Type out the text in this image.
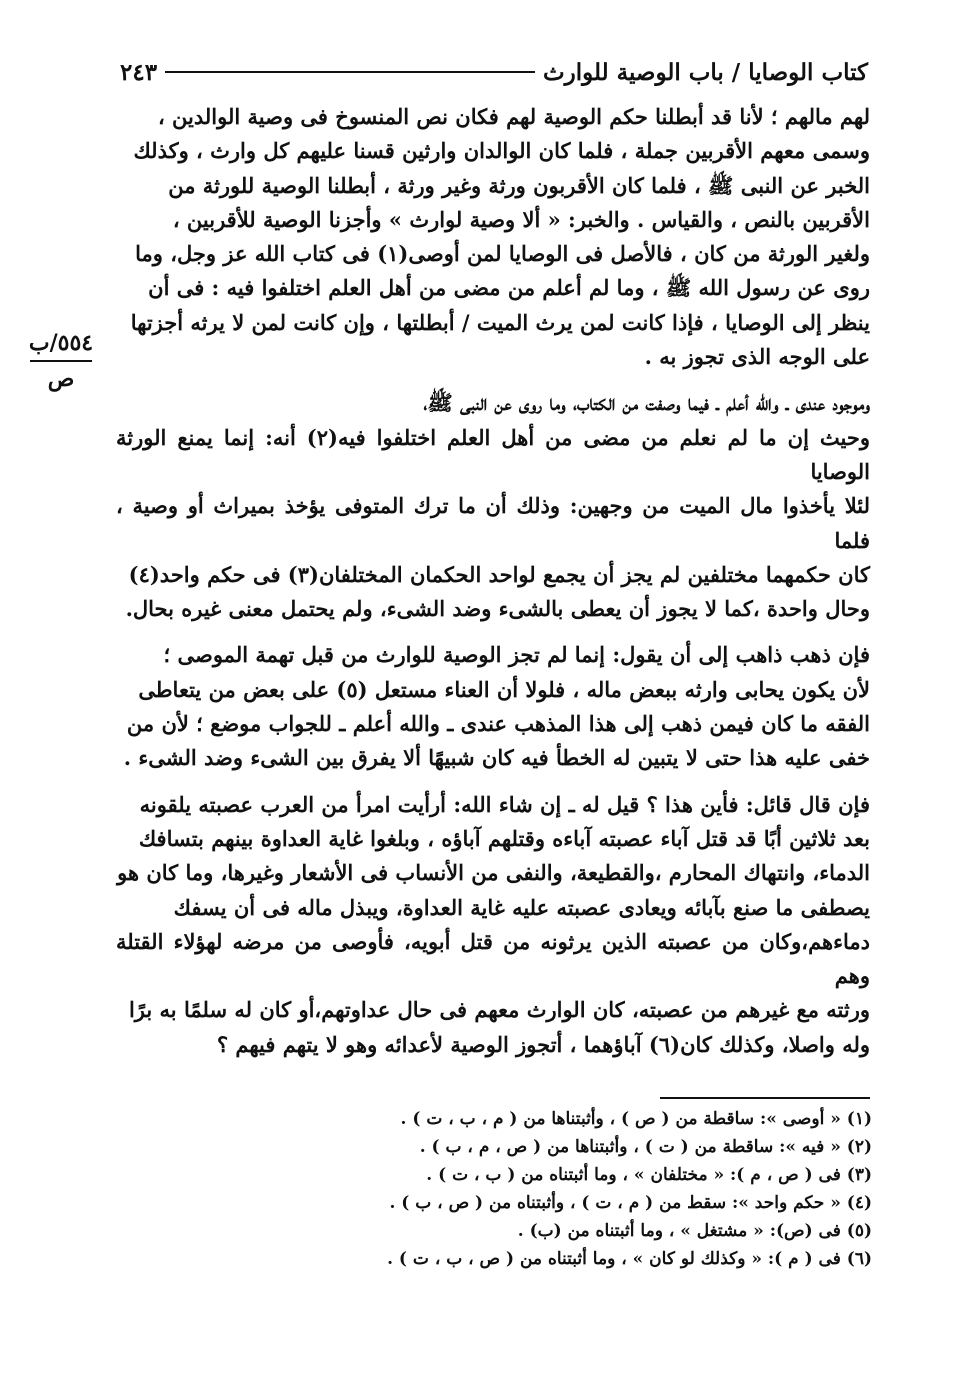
كتاب الوصايا / باب الوصية للوارث
٢٤٣
٥٥٤/ب
ص

لهم مالهم ؛ لأنا قد أبطلنا حكم الوصية لهم فكان نص المنسوخ فى وصية الوالدين ،

وسمى معهم الأقربين جملة ، فلما كان الوالدان وارثين قسنا عليهم كل وارث ، وكذلك

الخبر عن النبى ﷺ ، فلما كان الأقربون ورثة وغير ورثة ، أبطلنا الوصية للورثة من

الأقربين بالنص ، والقياس . والخبر: « ألا وصية لوارث » وأجزنا الوصية للأقربين ،

ولغير الورثة من كان ، فالأصل فى الوصايا لمن أوصى(١) فى كتاب الله عز وجل، وما

روى عن رسول الله ﷺ ، وما لم أعلم من مضى من أهل العلم اختلفوا فيه : فى أن

ينظر إلى الوصايا ، فإذا كانت لمن يرث الميت / أبطلتها ، وإن كانت لمن لا يرثه أجزتها

على الوجه الذى تجوز به .

وموجود عندى ـ والله أعلم ـ فيما وصفت من الكتاب، وما روى عن النبى ﷺ،

وحيث إن ما لم نعلم من مضى من أهل العلم اختلفوا فيه(٢) أنه: إنما يمنع الورثة الوصايا

لئلا يأخذوا مال الميت من وجهين: وذلك أن ما ترك المتوفى يؤخذ بميراث أو وصية ، فلما

كان حكمهما مختلفين لم يجز أن يجمع لواحد الحكمان المختلفان(٣) فى حكم واحد(٤)

وحال واحدة ،كما لا يجوز أن يعطى بالشىء وضد الشىء، ولم يحتمل معنى غيره بحال.

فإن ذهب ذاهب إلى أن يقول: إنما لم تجز الوصية للوارث من قبل تهمة الموصى ؛

لأن يكون يحابى وارثه ببعض ماله ، فلولا أن العناء مستعل (٥) على بعض من يتعاطى

الفقه ما كان فيمن ذهب إلى هذا المذهب عندى ـ والله أعلم ـ للجواب موضع ؛ لأن من

خفى عليه هذا حتى لا يتبين له الخطأ فيه كان شبيهًا ألا يفرق بين الشىء وضد الشىء .

فإن قال قائل: فأين هذا ؟ قيل له ـ إن شاء الله: أرأيت امرأ من العرب عصبته يلقونه

بعد ثلاثين أبًا قد قتل آباء عصبته آباءه وقتلهم آباؤه ، وبلغوا غاية العداوة بينهم بتسافك

الدماء، وانتهاك المحارم ،والقطيعة، والنفى من الأنساب فى الأشعار وغيرها، وما كان هو

يصطفى ما صنع بآبائه ويعادى عصبته عليه غاية العداوة، ويبذل ماله فى أن يسفك

دماءهم،وكان من عصبته الذين يرثونه من قتل أبويه، فأوصى من مرضه لهؤلاء القتلة وهم

ورثته مع غيرهم من عصبته، كان الوارث معهم فى حال عداوتهم،أو كان له سلمًا به برًا

وله واصلا، وكذلك كان(٦) آباؤهما ، أتجوز الوصية لأعدائه وهو لا يتهم فيهم ؟

(١) « أوصى »: ساقطة من ( ص ) ، وأثبتناها من ( م ، ب ، ت ) .
(٢) « فيه »: ساقطة من ( ت ) ، وأثبتناها من ( ص ، م ، ب ) .
(٣) فى ( ص ، م ): « مختلفان » ، وما أثبتناه من ( ب ، ت ) .
(٤) « حكم واحد »: سقط من ( م ، ت ) ، وأثبتناه من ( ص ، ب ) .
(٥) فى (ص): « مشتغل » ، وما أثبتناه من (ب) .
(٦) فى ( م ): « وكذلك لو كان » ، وما أثبتناه من ( ص ، ب ، ت ) .
